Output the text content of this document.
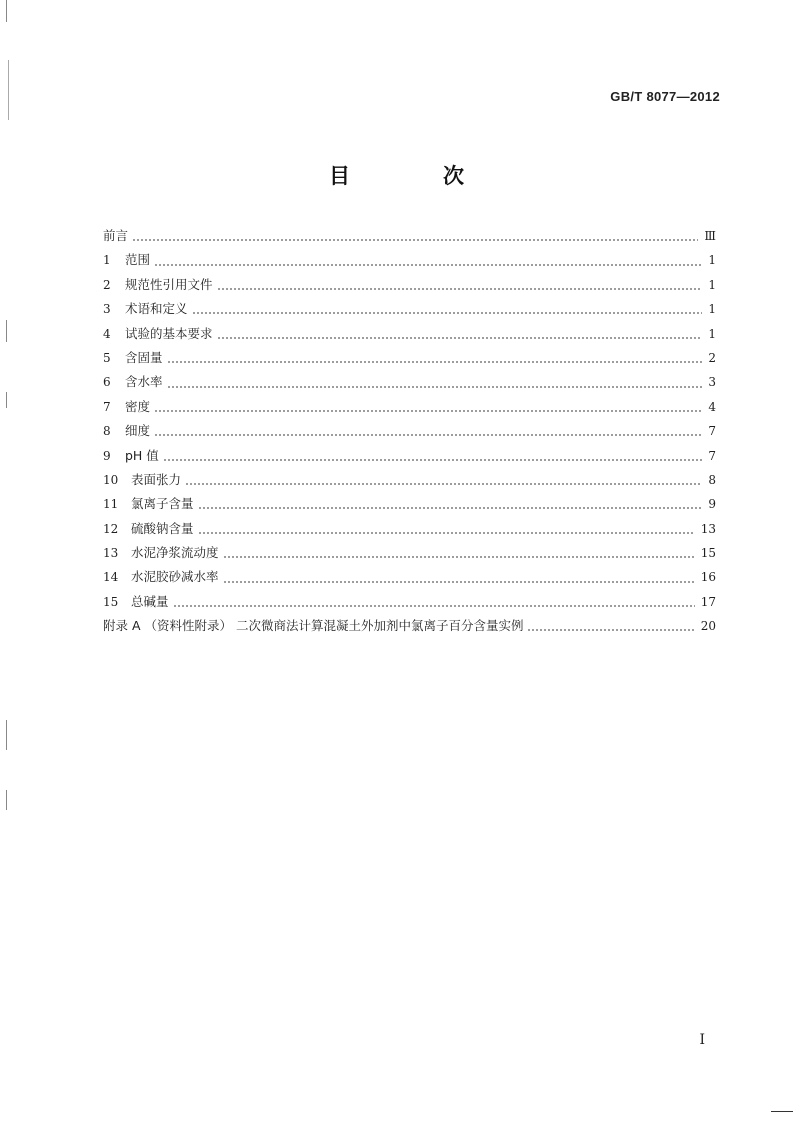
GB/T 8077—2012
目　次
前言	Ⅲ
1	范围	1
2	规范性引用文件	1
3	术语和定义	1
4	试验的基本要求	1
5	含固量	2
6	含水率	3
7	密度	4
8	细度	7
9	pH 值	7
10	表面张力	8
11	氯离子含量	9
12	硫酸钠含量	13
13	水泥净浆流动度	15
14	水泥胶砂减水率	16
15	总碱量	17
附录 A （资料性附录） 二次微商法计算混凝土外加剂中氯离子百分含量实例	20
I
